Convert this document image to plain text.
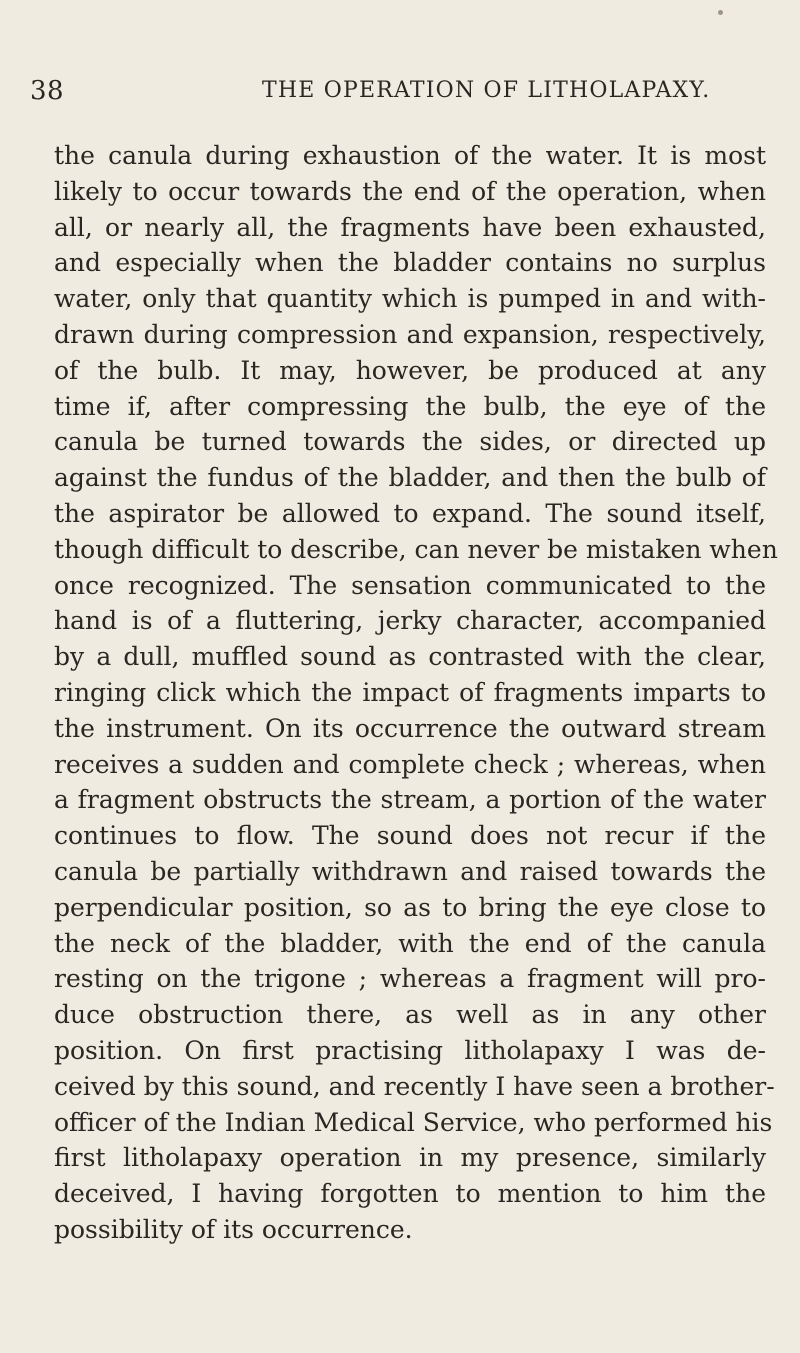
38	THE OPERATION OF LITHOLAPAXY.
the canula during exhaustion of the water. It is most
likely to occur towards the end of the operation, when
all, or nearly all, the fragments have been exhausted,
and especially when the bladder contains no surplus
water, only that quantity which is pumped in and with-
drawn during compression and expansion, respectively,
of the bulb. It may, however, be produced at any
time if, after compressing the bulb, the eye of the
canula be turned towards the sides, or directed up
against the fundus of the bladder, and then the bulb of
the aspirator be allowed to expand. The sound itself,
though difficult to describe, can never be mistaken when
once recognized. The sensation communicated to the
hand is of a fluttering, jerky character, accompanied
by a dull, muffled sound as contrasted with the clear,
ringing click which the impact of fragments imparts to
the instrument. On its occurrence the outward stream
receives a sudden and complete check ; whereas, when
a fragment obstructs the stream, a portion of the water
continues to flow. The sound does not recur if the
canula be partially withdrawn and raised towards the
perpendicular position, so as to bring the eye close to
the neck of the bladder, with the end of the canula
resting on the trigone ; whereas a fragment will pro-
duce obstruction there, as well as in any other
position. On first practising litholapaxy I was de-
ceived by this sound, and recently I have seen a brother-
officer of the Indian Medical Service, who performed his
first litholapaxy operation in my presence, similarly
deceived, I having forgotten to mention to him the
possibility of its occurrence.
